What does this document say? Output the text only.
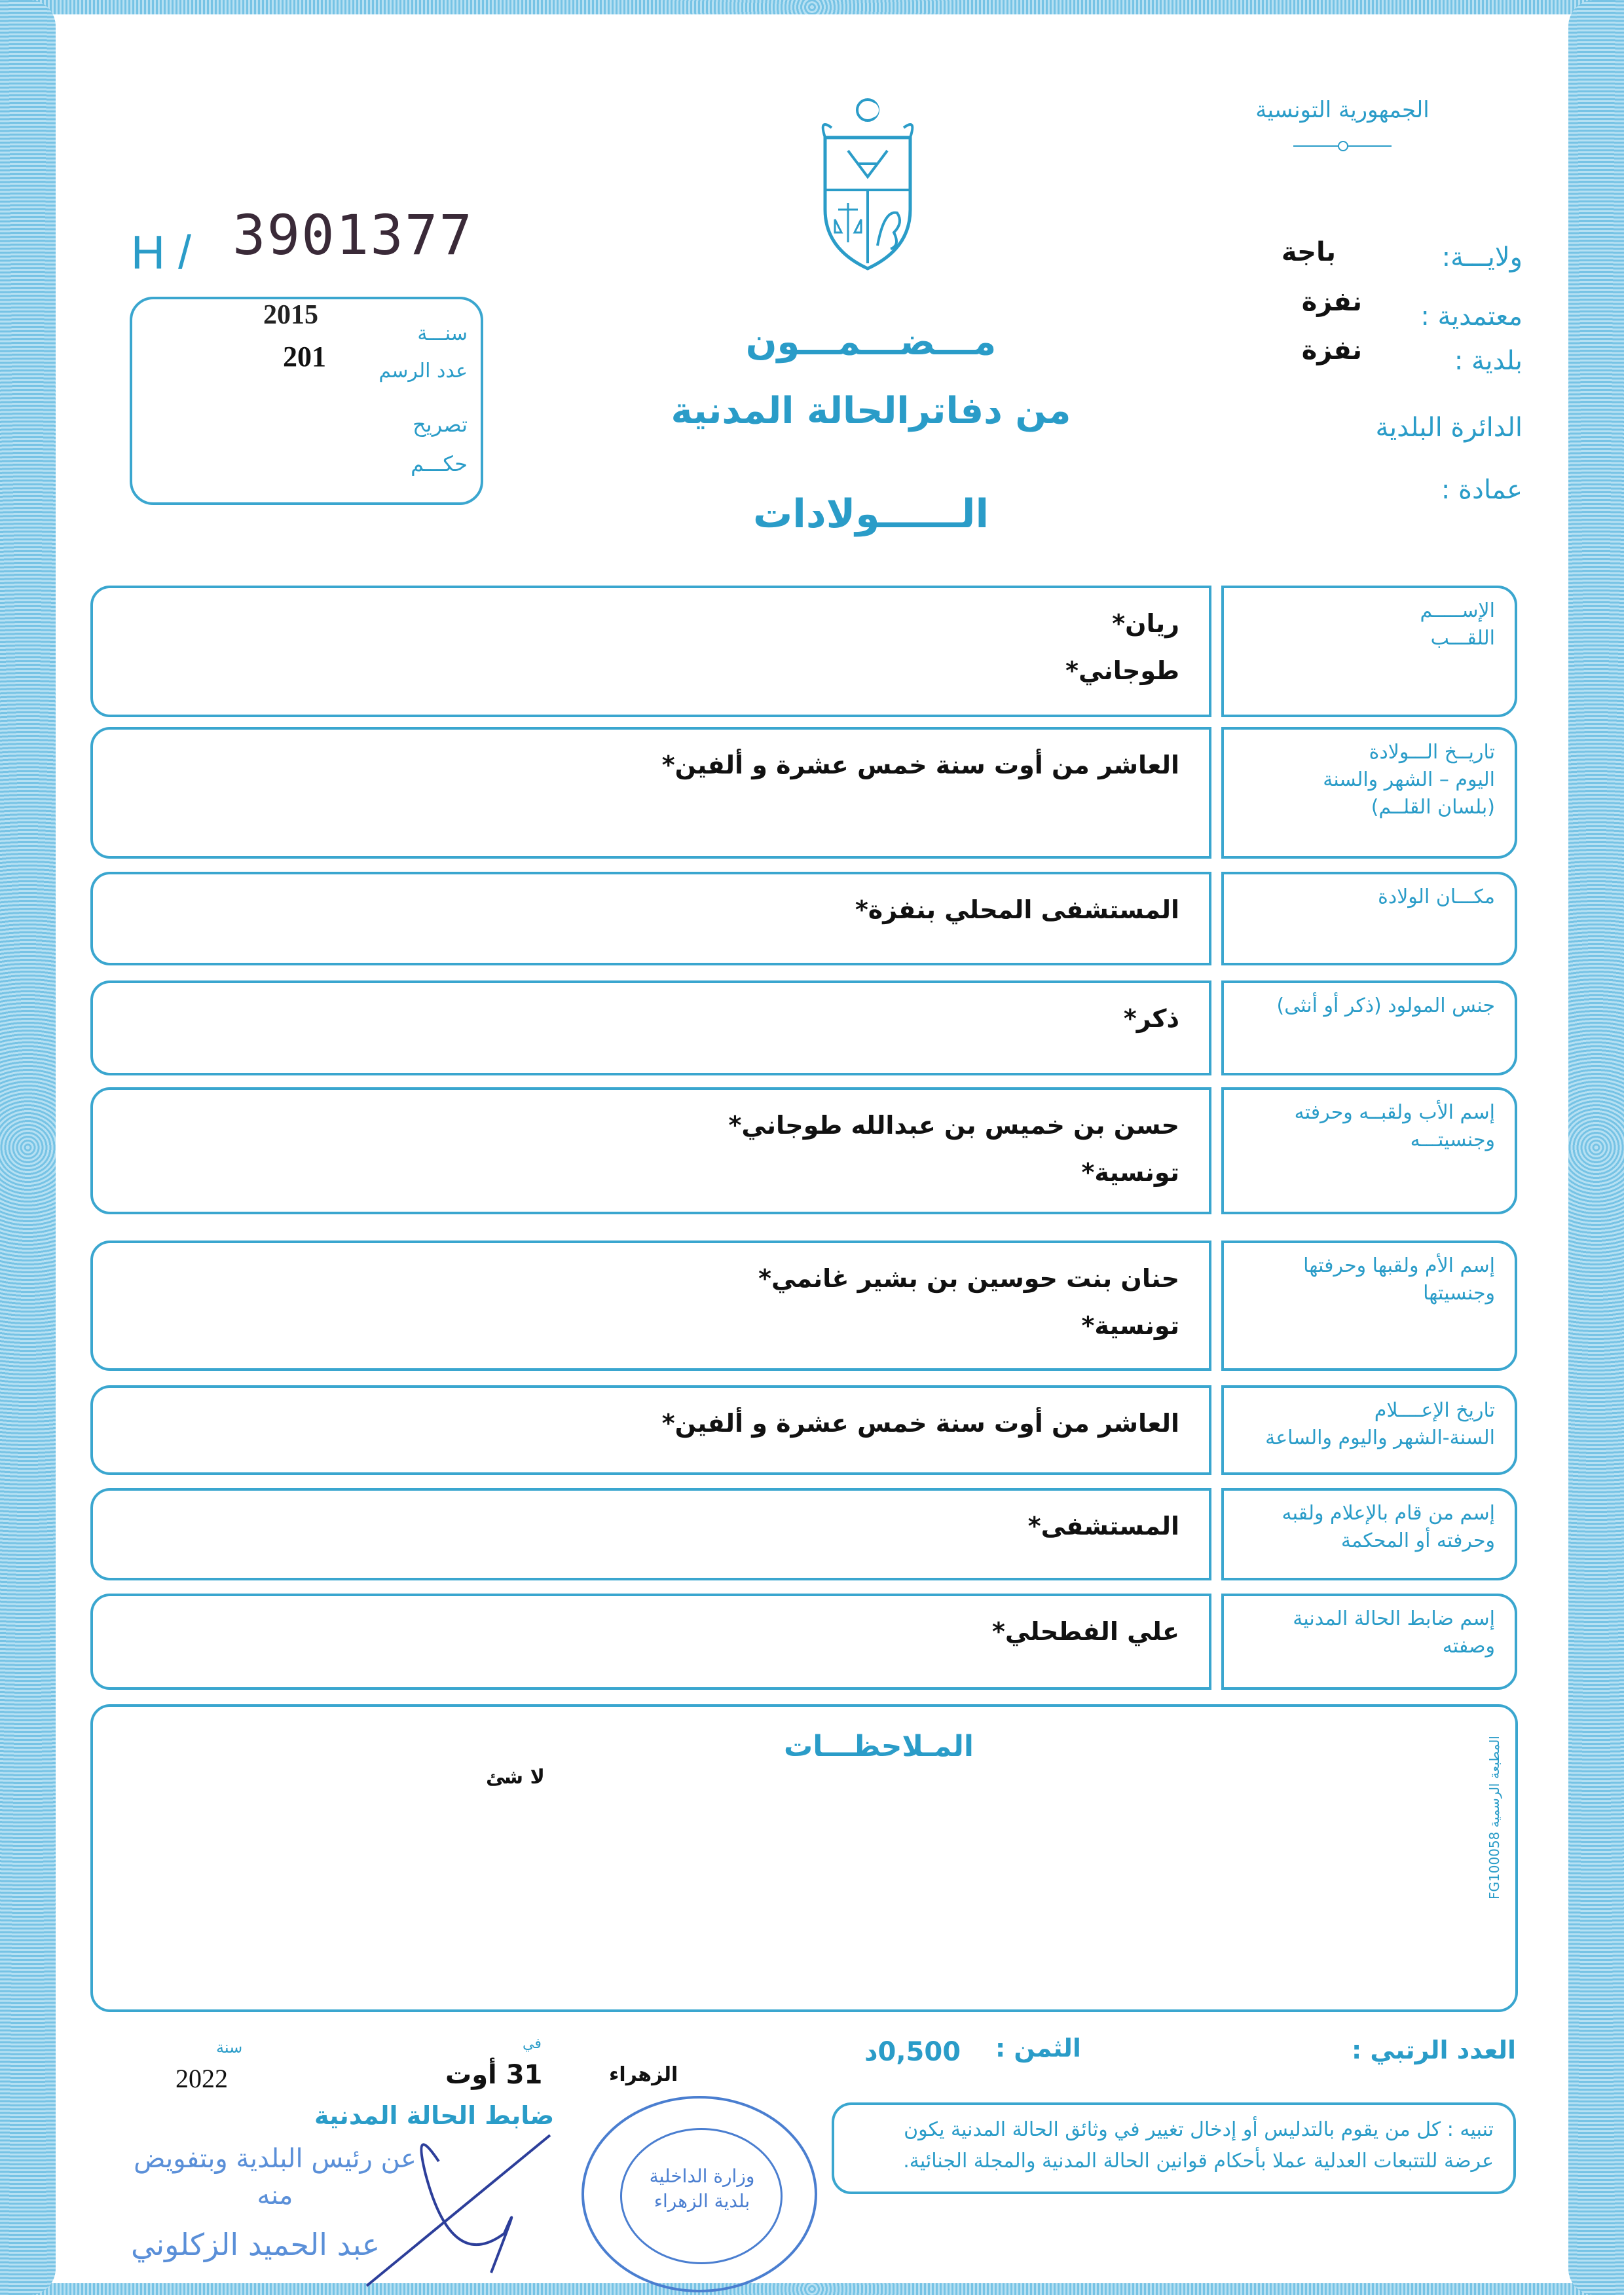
الجمهورية التونسية
ولايـــة:
باجة
معتمدية :
نفزة
بلدية :
نفزة
الدائرة البلدية
عمادة :
H / 3901377
2015
سنـــة
201	عدد الرسم
تصريح
حكـــم
مـــضـــمـــون
من دفاترالحالة المدنية
الــــــولادات
الإســـــم
اللقـــب
ريان*
طوجاني*
تاريــخ الـــولادة
اليوم – الشهر والسنة
(بلسان القلــم)
العاشر من أوت سنة خمس عشرة و ألفين*
مكـــان الولادة
المستشفى المحلي بنفزة*
جنس المولود (ذكر أو أنثى)
ذكر*
إسم الأب ولقبــه وحرفته
وجنسيتـــه
حسن بن خميس بن عبدالله طوجاني*
تونسية*
إسم الأم ولقبها وحرفتها
وجنسيتها
حنان بنت حوسين بن بشير غانمي*
تونسية*
تاريخ الإعــــلام
السنة-الشهر واليوم والساعة
العاشر من أوت سنة خمس عشرة و ألفين*
إسم من قام بالإعلام ولقبه
وحرفته أو المحكمة
المستشفى*
إسم ضابط الحالة المدنية
وصفته
علي الفطحلي*
المـلاحظـــات
لا شئ
المطبعة الرسمية FG100058
العدد الرتبي :
الثمن :
0,500د
تنبيه : كل من يقوم بالتدليس أو إدخال تغيير في وثائق الحالة المدنية يكون عرضة للتتبعات العدلية عملا بأحكام قوانين الحالة المدنية والمجلة الجنائية.
سنة
2022
في
31 أوت	الزهراء
ضابط الحالة المدنية
عن رئيس البلدية وبتفويض منه
عبد الحميد الزكلوني
وزارة الداخلية بلدية الزهراء
